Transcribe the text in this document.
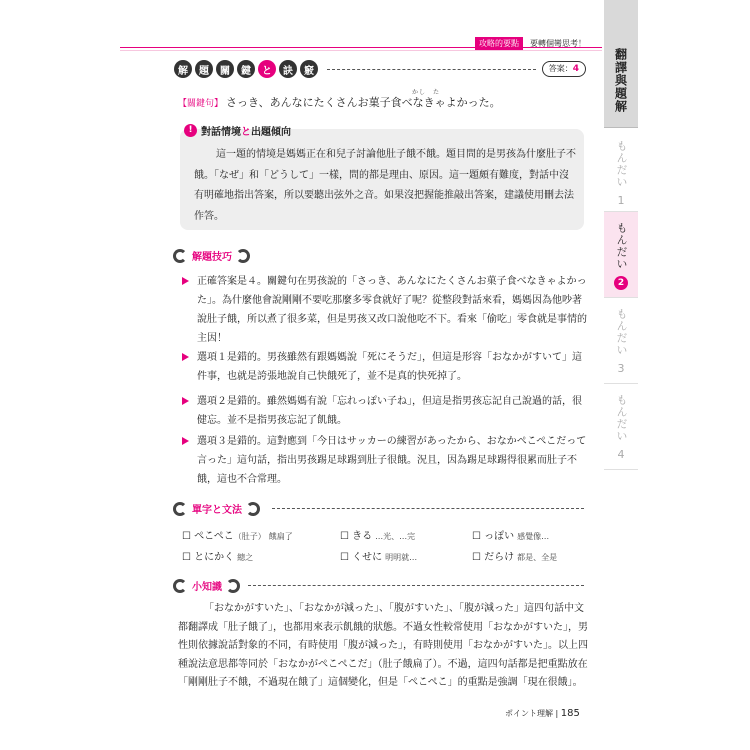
攻略的要點	要轉個彎思考！
翻譯與題解
もんだい
1
もんだい
2
もんだい
3
もんだい
4
解	題	關	鍵	と	訣	竅	答案：4
かし　た
【關鍵句】 さっき、あんなにたくさんお菓子食べなきゃよかった。
! 對話情境 と 出題傾向
這一題的情境是媽媽正在和兒子討論他肚子餓不餓。題目問的是男孩為什麼肚子不餓。「なぜ」和「どうして」一樣，問的都是理由、原因。這一題頗有難度，對話中沒有明確地指出答案，所以要聽出弦外之音。如果沒把握能推敲出答案，建議使用刪去法作答。
解題技巧
正確答案是４。關鍵句在男孩說的「さっき、あんなにたくさんお菓子食べなきゃよかった」。為什麼他會說剛剛不要吃那麼多零食就好了呢？從整段對話來看，媽媽因為他吵著說肚子餓，所以煮了很多菜，但是男孩又改口說他吃不下。看來「偷吃」零食就是事情的主因！
選項１是錯的。男孩雖然有跟媽媽說「死にそうだ」，但這是形容「おなかがすいて」這件事，也就是誇張地說自己快餓死了，並不是真的快死掉了。
選項２是錯的。雖然媽媽有說「忘れっぽい子ね」，但這是指男孩忘記自己說過的話，很健忘。並不是指男孩忘記了飢餓。
選項３是錯的。這對應到「今日はサッカーの練習があったから、おなかぺこぺこだって言った」這句話，指出男孩踢足球踢到肚子很餓。況且，因為踢足球踢得很累而肚子不餓，這也不合常理。
單字と文法
☐ ぺこぺこ（肚子） 餓扁了	☐ きる …光、…完	☐ っぽい 感覺像…
☐ とにかく 總之	☐ くせに 明明就…	☐ だらけ 都是、全是
小知識
「おなかがすいた」、「おなかが減った」、「腹がすいた」、「腹が減った」這四句話中文都翻譯成「肚子餓了」，也都用來表示飢餓的狀態。不過女性較常使用「おなかがすいた」，男性則依據說話對象的不同，有時使用「腹が減った」，有時則使用「おなかがすいた」。以上四種說法意思都等同於「おなかがぺこぺこだ」（肚子餓扁了）。不過，這四句話都是把重點放在「剛剛肚子不餓，不過現在餓了」這個變化，但是「ぺこぺこ」的重點是強調「現在很餓」。
ポイント理解 | 185
